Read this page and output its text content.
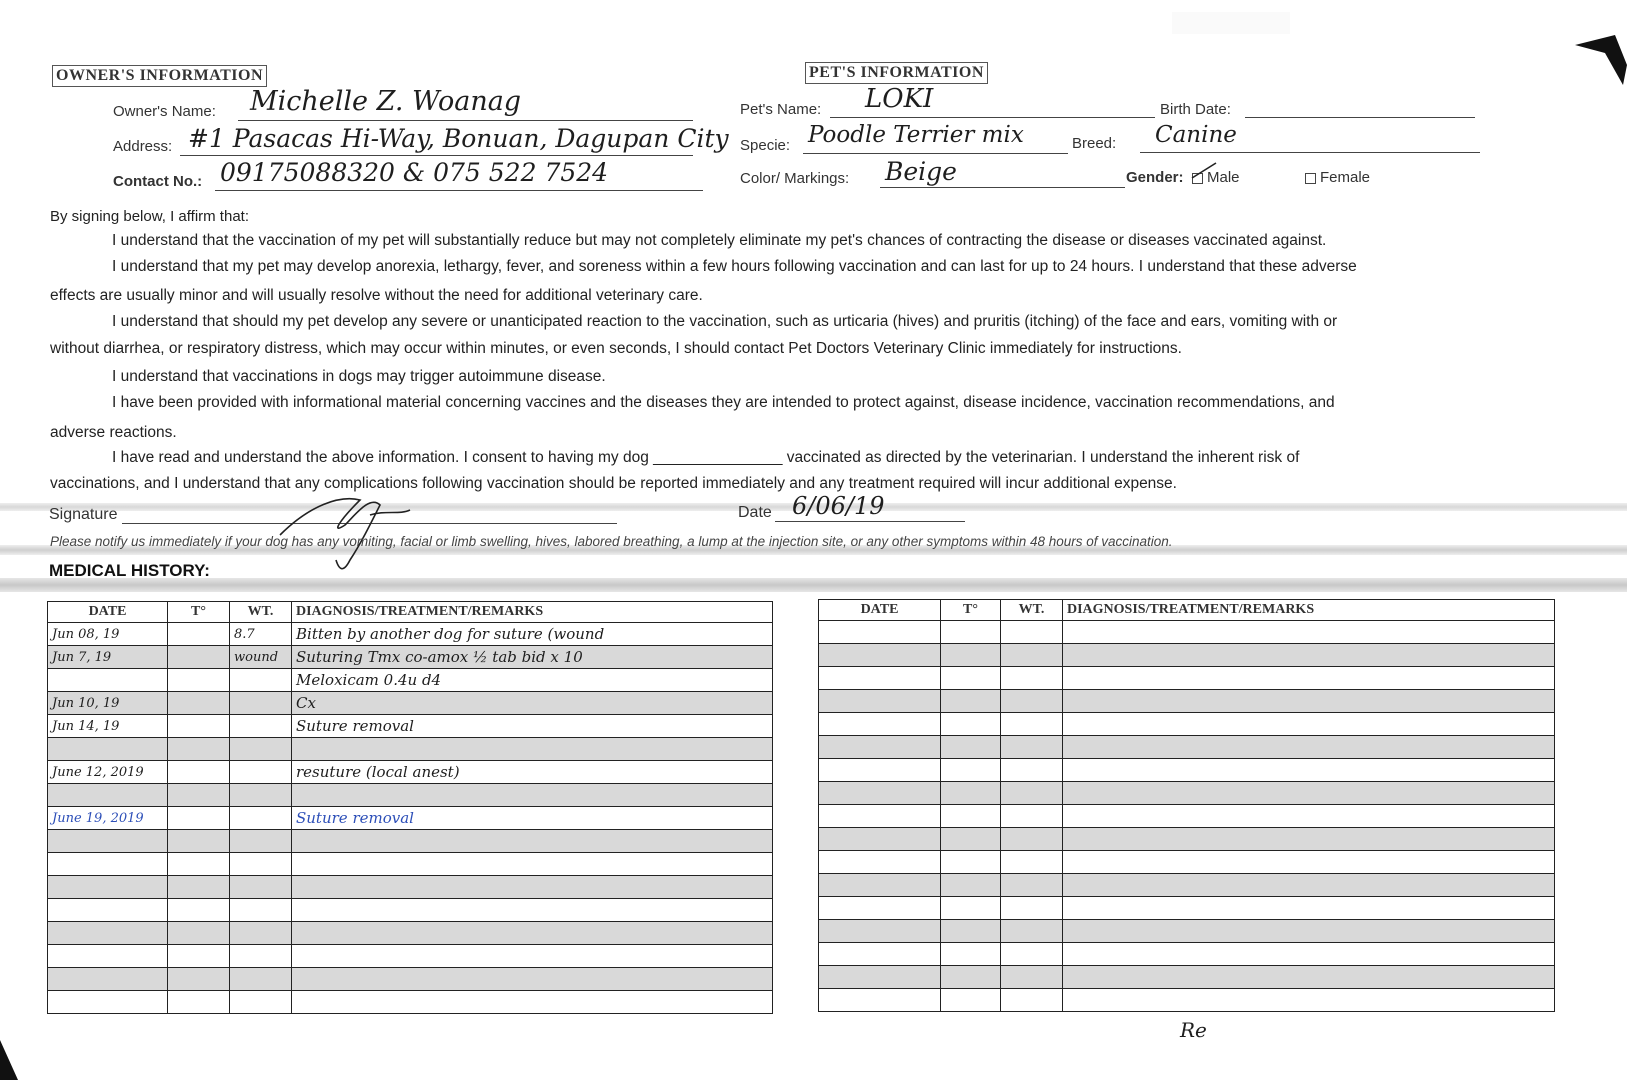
OWNER'S INFORMATION
Owner's Name: Michelle Z. Woanag
Address: #1 Pasacas Hi-Way, Bonuan, Dagupan City
Contact No.: 09175088320 & 075 522 7524
PET'S INFORMATION
Pet's Name: LOKI	Birth Date:
Specie: Poodle Terrier mix	Breed: Canine
Color/ Markings: Beige	Gender:	Male	Female
By signing below, I affirm that:
I understand that the vaccination of my pet will substantially reduce but may not completely eliminate my pet's chances of contracting the disease or diseases vaccinated against.
I understand that my pet may develop anorexia, lethargy, fever, and soreness within a few hours following vaccination and can last for up to 24 hours. I understand that these adverse
effects are usually minor and will usually resolve without the need for additional veterinary care.
I understand that should my pet develop any severe or unanticipated reaction to the vaccination, such as urticaria (hives) and pruritis (itching) of the face and ears, vomiting with or
without diarrhea, or respiratory distress, which may occur within minutes, or even seconds, I should contact Pet Doctors Veterinary Clinic immediately for instructions.
I understand that vaccinations in dogs may trigger autoimmune disease.
I have been provided with informational material concerning vaccines and the diseases they are intended to protect against, disease incidence, vaccination recommendations, and
adverse reactions.
I have read and understand the above information. I consent to having my dog _______________ vaccinated as directed by the veterinarian. I understand the inherent risk of
vaccinations, and I understand that any complications following vaccination should be reported immediately and any treatment required will incur additional expense.
Signature	Date 6/06/19
Please notify us immediately if your dog has any vomiting, facial or limb swelling, hives, labored breathing, a lump at the injection site, or any other symptoms within 48 hours of vaccination.
MEDICAL HISTORY:
DATE	T°	WT.	DIAGNOSIS/TREATMENT/REMARKS
Jun 08, 19		8.7	Bitten by another dog for suture (wound
Jun 7, 19		wound	Suturing Tmx co-amox ½ tab bid x 10
			Meloxicam 0.4u d4
Jun 10, 19			Cx
Jun 14, 19			Suture removal

June 12, 2019			resuture (local anest)

June 19, 2019			Suture removal

DATE	T°	WT.	DIAGNOSIS/TREATMENT/REMARKS

Re
